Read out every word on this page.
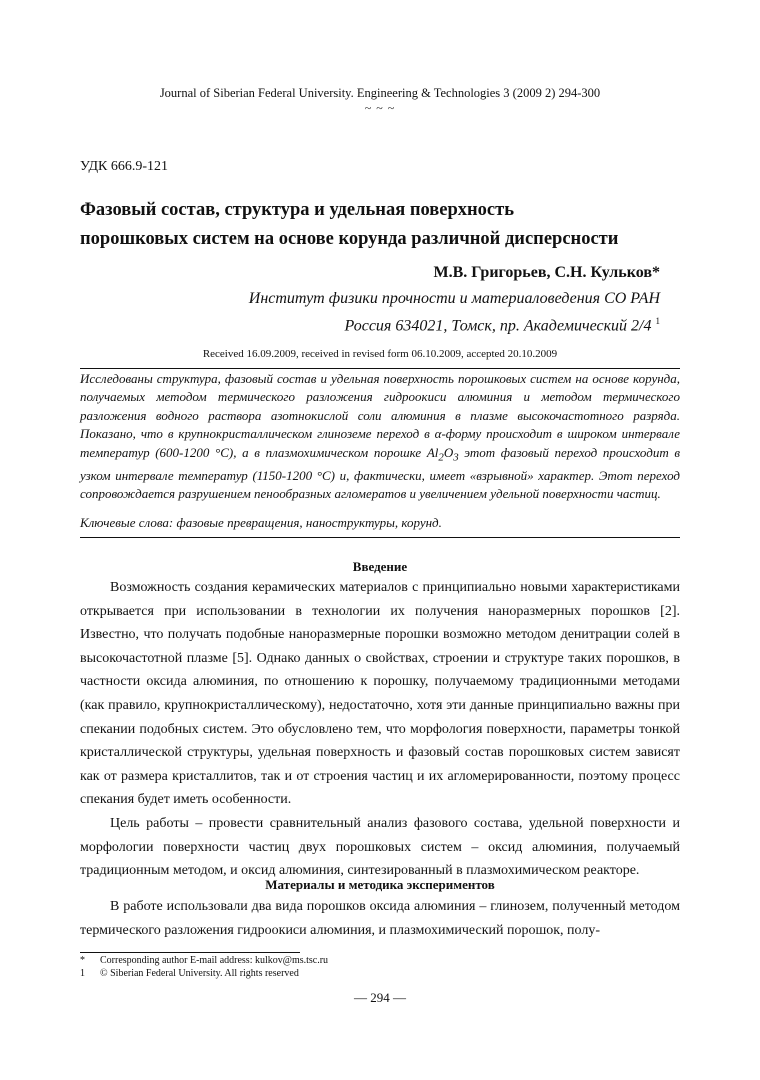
Journal of Siberian Federal University. Engineering & Technologies 3 (2009 2) 294-300
~ ~ ~
УДК 666.9-121
Фазовый состав, структура и удельная поверхность
порошковых систем на основе корунда различной дисперсности
М.В. Григорьев, С.Н. Кульков*
Институт физики прочности и материаловедения СО РАН
Россия 634021, Томск, пр. Академический 2/4 $^1$
Received 16.09.2009, received in revised form 06.10.2009, accepted 20.10.2009
Исследованы структура, фазовый состав и удельная поверхность порошковых систем на основе корунда, получаемых методом термического разложения гидроокиси алюминия и методом термического разложения водного раствора азотнокислой соли алюминия в плазме высокочастотного разряда. Показано, что в крупнокристаллическом глиноземе переход в α-форму происходит в широком интервале температур (600-1200 °С), а в плазмохимическом порошке $Al_2O_3$ этот фазовый переход происходит в узком интервале температур (1150-1200 °С) и, фактически, имеет «взрывной» характер. Этот переход сопровождается разрушением пенообразных агломератов и увеличением удельной поверхности частиц.
Ключевые слова: фазовые превращения, наноструктуры, корунд.
Введение

Возможность создания керамических материалов с принципиально новыми характеристиками открывается при использовании в технологии их получения наноразмерных порошков [2]. Известно, что получать подобные наноразмерные порошки возможно методом денитрации солей в высокочастотной плазме [5]. Однако данных о свойствах, строении и структуре таких порошков, в частности оксида алюминия, по отношению к порошку, получаемому традиционными методами (как правило, крупнокристаллическому), недостаточно, хотя эти данные принципиально важны при спекании подобных систем. Это обусловлено тем, что морфология поверхности, параметры тонкой кристаллической структуры, удельная поверхность и фазовый состав порошковых систем зависят как от размера кристаллитов, так и от строения частиц и их агломерированности, поэтому процесс спекания будет иметь особенности.

Цель работы – провести сравнительный анализ фазового состава, удельной поверхности и морфологии поверхности частиц двух порошковых систем – оксид алюминия, получаемый традиционным методом, и оксид алюминия, синтезированный в плазмохимическом реакторе.

Материалы и методика экспериментов

В работе использовали два вида порошков оксида алюминия – глинозем, полученный методом термического разложения гидроокиси алюминия, и плазмохимический порошок, полу-

* Corresponding author E-mail address: kulkov@ms.tsc.ru
1 © Siberian Federal University. All rights reserved
— 294 —
